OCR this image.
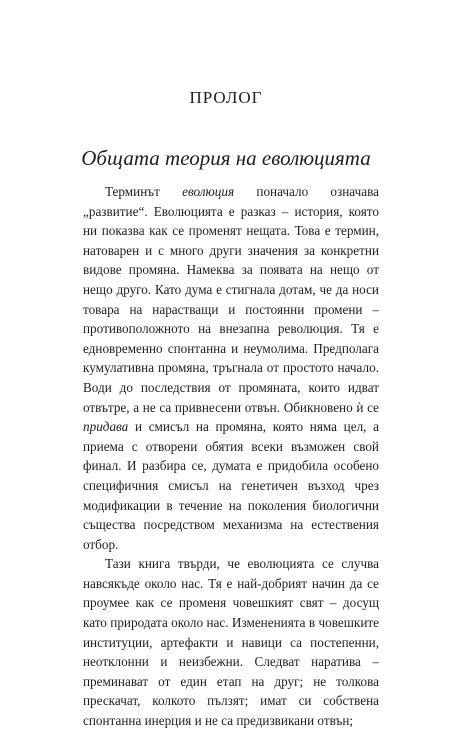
ПРОЛОГ
Общата теория на еволюцията

Терминът еволюция поначало означава „развитие“. Еволюцията е разказ – история, която ни показва как се променят нещата. Това е термин, натоварен и с много други значения за конкретни видове промяна. Намеква за появата на нещо от нещо друго. Като дума е стигнала дотам, че да носи товара на нарастващи и постоянни промени – противоположното на внезапна революция. Тя е едновременно спонтанна и неумолима. Предполага кумулативна промяна, тръгнала от простото начало. Води до последствия от промяната, които идват отвътре, а не са привнесени отвън. Обикновено ѝ се придава и смисъл на промяна, която няма цел, а приема с отворени обятия всеки възможен свой финал. И разбира се, думата е придобила особено специфичния смисъл на генетичен възход чрез модификации в течение на поколения биологични същества посредством механизма на естествения отбор.

Тази книга твърди, че еволюцията се случва навсякъде около нас. Тя е най-добрият начин да се проумее как се променя човешкият свят – досущ като природата около нас. Измененията в човешките институции, артефакти и навици са постепенни, неотклонни и неизбежни. Следват наратива – преминават от един етап на друг; не толкова прескачат, колкото пълзят; имат си собствена спонтанна инерция и не са предизвикани отвън;
